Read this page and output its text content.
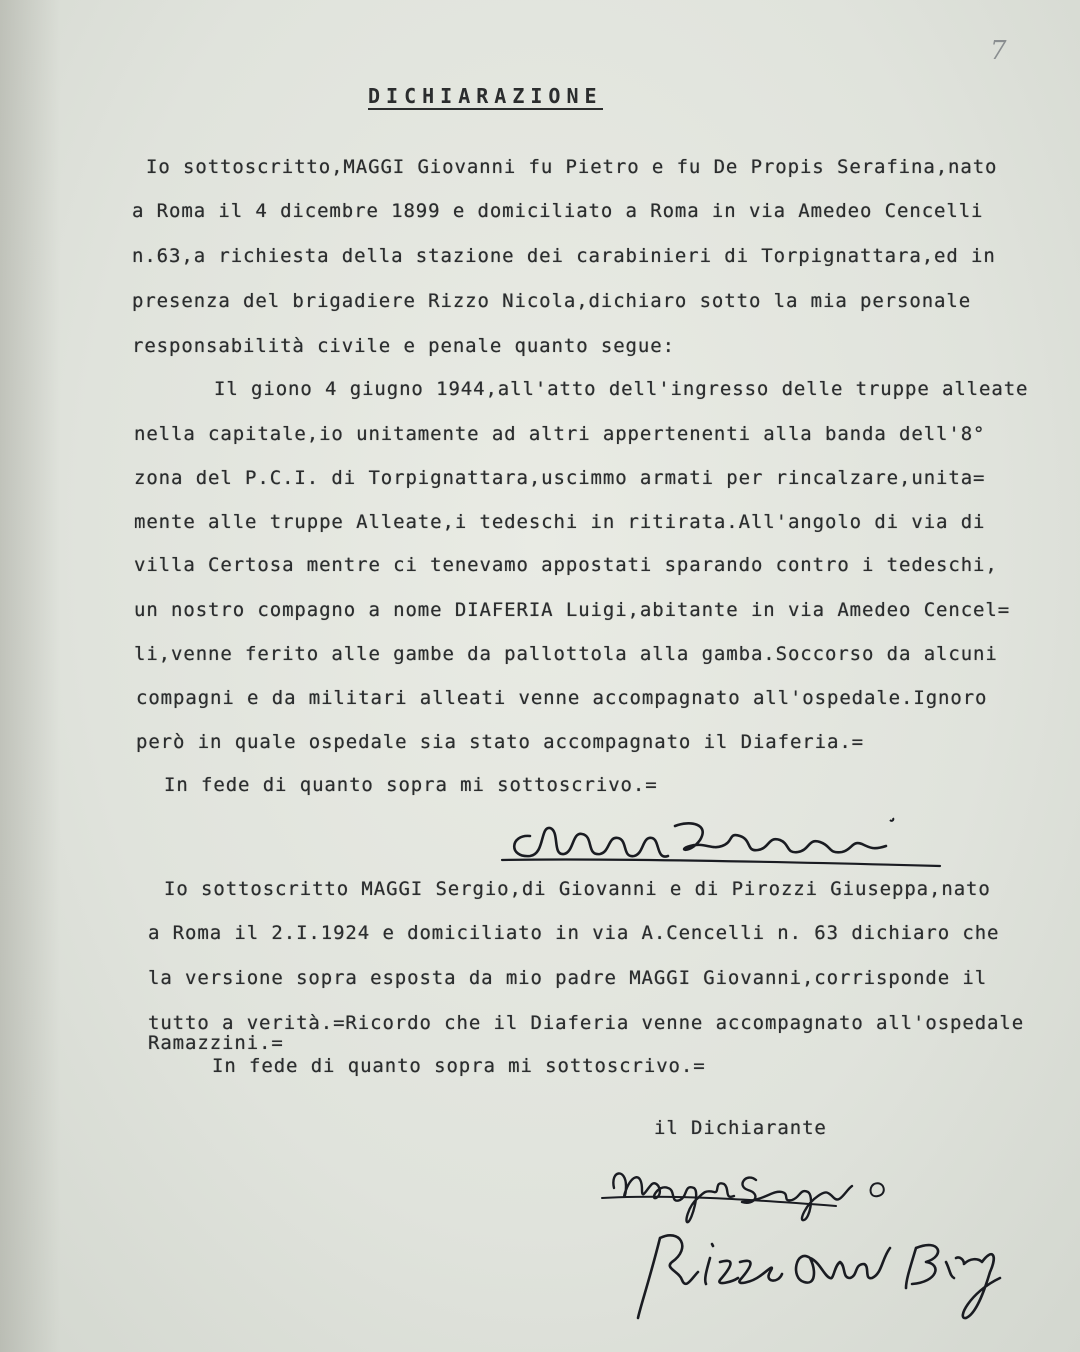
7
DICHIARAZIONE

Io sottoscritto,MAGGI Giovanni fu Pietro e fu De Propis Serafina,nato

a Roma il 4 dicembre 1899 e domiciliato a Roma in via Amedeo Cencelli

n.63,a richiesta della stazione dei carabinieri di Torpignattara,ed in

presenza del brigadiere Rizzo Nicola,dichiaro sotto la mia personale

responsabilità civile e penale quanto segue:

Il giono 4 giugno 1944,all'atto dell'ingresso delle truppe alleate

nella capitale,io unitamente ad altri appertenenti alla banda dell'8°

zona del P.C.I. di Torpignattara,uscimmo armati per rincalzare,unita=

mente alle truppe Alleate,i tedeschi in ritirata.All'angolo di via di

villa Certosa mentre ci tenevamo appostati sparando contro i tedeschi,

un nostro compagno a nome DIAFERIA Luigi,abitante in via Amedeo Cencel=

li,venne ferito alle gambe da pallottola alla gamba.Soccorso da alcuni

compagni e da militari alleati venne accompagnato all'ospedale.Ignoro

però in quale ospedale sia stato accompagnato il Diaferia.=

In fede di quanto sopra mi sottoscrivo.=

Io sottoscritto MAGGI Sergio,di Giovanni e di Pirozzi Giuseppa,nato

a Roma il 2.I.1924 e domiciliato in via A.Cencelli n. 63 dichiaro che

la versione sopra esposta da mio padre MAGGI Giovanni,corrisponde il

tutto a verità.=Ricordo che il Diaferia venne accompagnato all'ospedale

Ramazzini.=

In fede di quanto sopra mi sottoscrivo.=

il Dichiarante
